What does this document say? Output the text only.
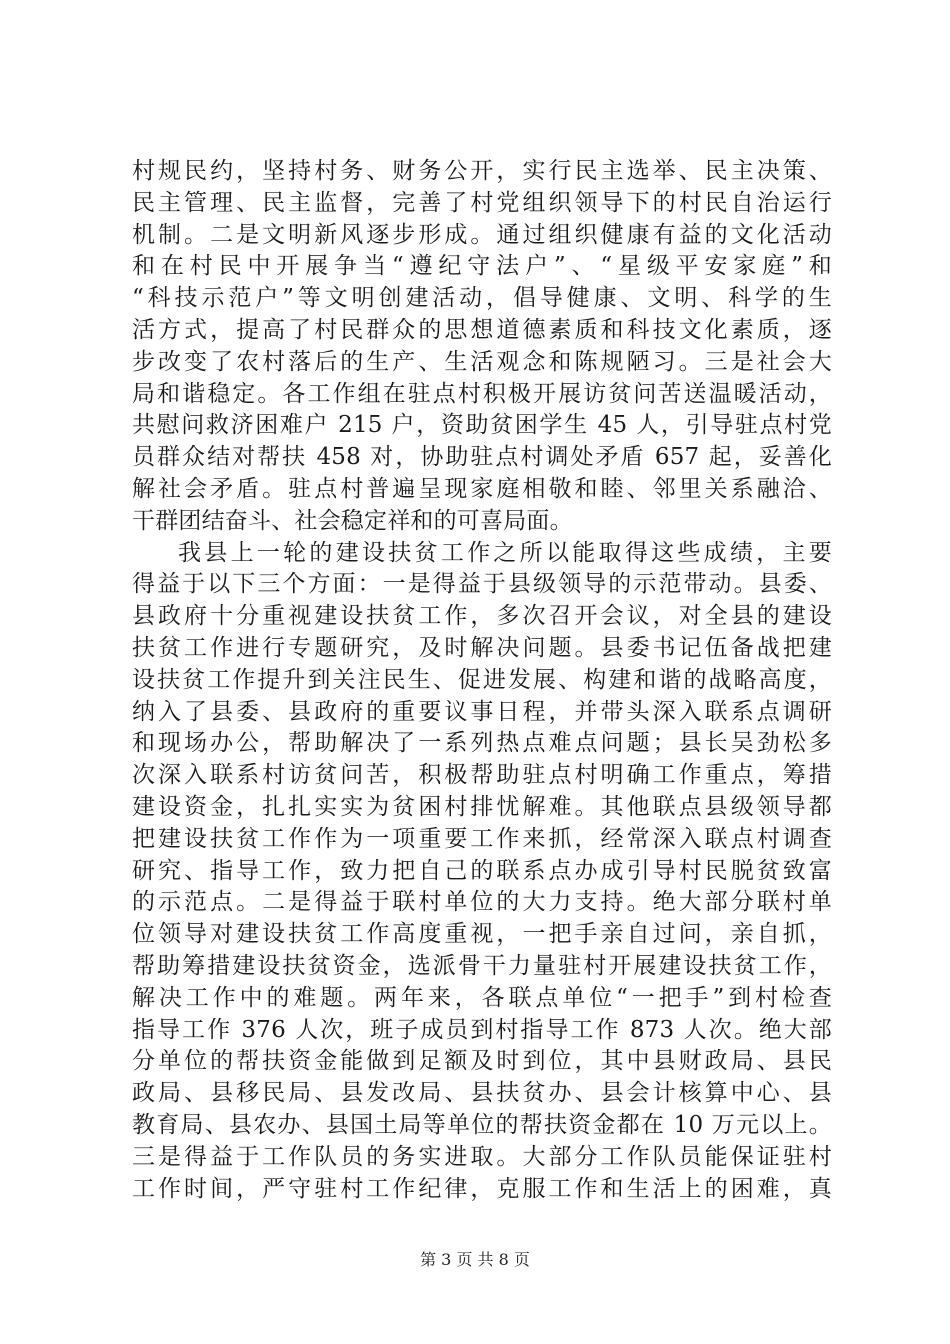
村规民约，坚持村务、财务公开，实行民主选举、民主决策、
民主管理、民主监督，完善了村党组织领导下的村民自治运行
机制。二是文明新风逐步形成。通过组织健康有益的文化活动
和在村民中开展争当“遵纪守法户”、“星级平安家庭”和
“科技示范户”等文明创建活动，倡导健康、文明、科学的生
活方式，提高了村民群众的思想道德素质和科技文化素质，逐
步改变了农村落后的生产、生活观念和陈规陋习。三是社会大
局和谐稳定。各工作组在驻点村积极开展访贫问苦送温暖活动，
共慰问救济困难户 215 户，资助贫困学生 45 人，引导驻点村党
员群众结对帮扶 458 对，协助驻点村调处矛盾 657 起，妥善化
解社会矛盾。驻点村普遍呈现家庭相敬和睦、邻里关系融洽、
干群团结奋斗、社会稳定祥和的可喜局面。
我县上一轮的建设扶贫工作之所以能取得这些成绩，主要
得益于以下三个方面：一是得益于县级领导的示范带动。县委、
县政府十分重视建设扶贫工作，多次召开会议，对全县的建设
扶贫工作进行专题研究，及时解决问题。县委书记伍备战把建
设扶贫工作提升到关注民生、促进发展、构建和谐的战略高度，
纳入了县委、县政府的重要议事日程，并带头深入联系点调研
和现场办公，帮助解决了一系列热点难点问题；县长吴劲松多
次深入联系村访贫问苦，积极帮助驻点村明确工作重点，筹措
建设资金，扎扎实实为贫困村排忧解难。其他联点县级领导都
把建设扶贫工作作为一项重要工作来抓，经常深入联点村调查
研究、指导工作，致力把自己的联系点办成引导村民脱贫致富
的示范点。二是得益于联村单位的大力支持。绝大部分联村单
位领导对建设扶贫工作高度重视，一把手亲自过问，亲自抓，
帮助筹措建设扶贫资金，选派骨干力量驻村开展建设扶贫工作，
解决工作中的难题。两年来，各联点单位“一把手”到村检查
指导工作 376 人次，班子成员到村指导工作 873 人次。绝大部
分单位的帮扶资金能做到足额及时到位，其中县财政局、县民
政局、县移民局、县发改局、县扶贫办、县会计核算中心、县
教育局、县农办、县国土局等单位的帮扶资金都在 10 万元以上。
三是得益于工作队员的务实进取。大部分工作队员能保证驻村
工作时间，严守驻村工作纪律，克服工作和生活上的困难，真
第 3 页 共 8 页
